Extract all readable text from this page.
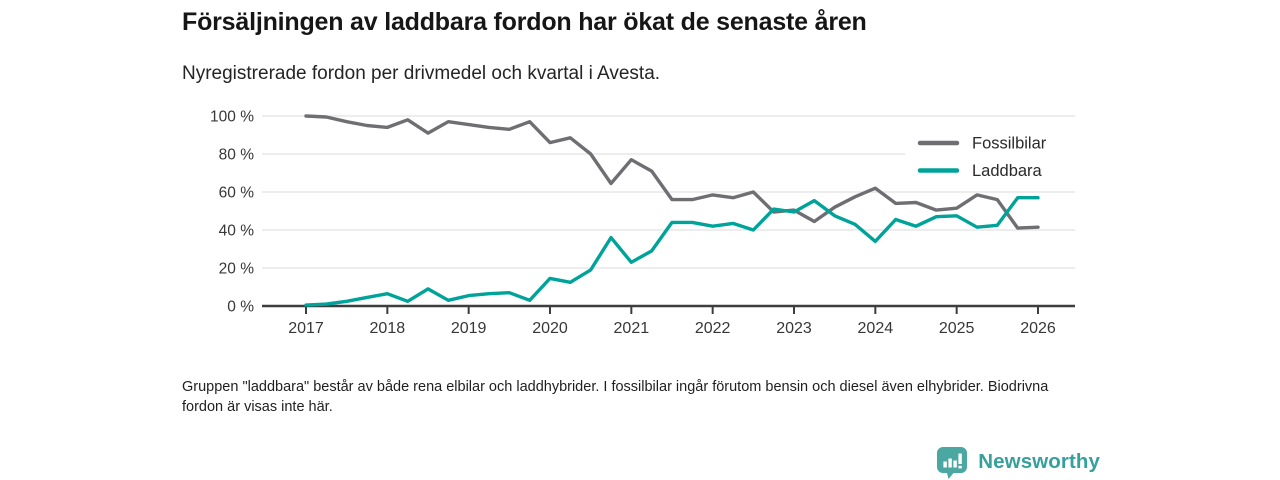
Försäljningen av laddbara fordon har ökat de senaste åren
Nyregistrerade fordon per drivmedel och kvartal i Avesta.
0 %
20 %
40 %
60 %
80 %
100 %
2017	2018	2019	2020	2021	2022	2023	2024	2025	2026
Fossilbilar
Laddbara
Gruppen "laddbara" består av både rena elbilar och laddhybrider. I fossilbilar ingår förutom bensin och diesel även elhybrider. Biodrivna fordon är visas inte här.
Newsworthy
